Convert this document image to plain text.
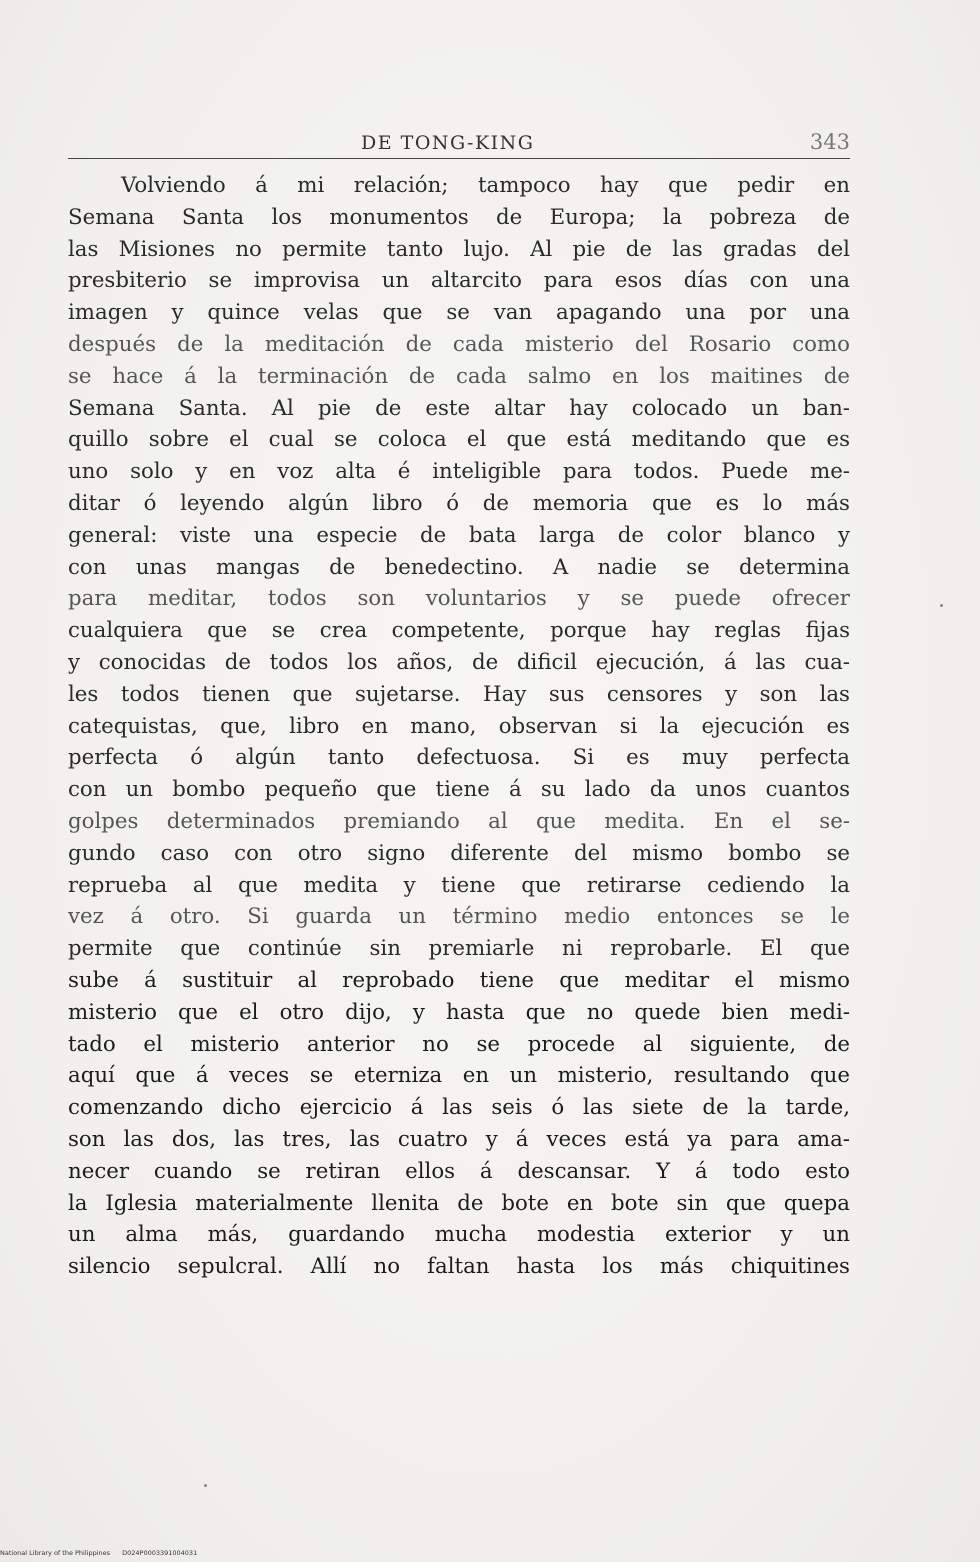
DE TONG-KING	343
Volviendo á mi relación; tampoco hay que pedir en
Semana Santa los monumentos de Europa; la pobreza de
las Misiones no permite tanto lujo. Al pie de las gradas del
presbiterio se improvisa un altarcito para esos días con una
imagen y quince velas que se van apagando una por una
después de la meditación de cada misterio del Rosario como
se hace á la terminación de cada salmo en los maitines de
Semana Santa. Al pie de este altar hay colocado un ban-
quillo sobre el cual se coloca el que está meditando que es
uno solo y en voz alta é inteligible para todos. Puede me-
ditar ó leyendo algún libro ó de memoria que es lo más
general: viste una especie de bata larga de color blanco y
con unas mangas de benedectino. A nadie se determina
para meditar, todos son voluntarios y se puede ofrecer
cualquiera que se crea competente, porque hay reglas fijas
y conocidas de todos los años, de dificil ejecución, á las cua-
les todos tienen que sujetarse. Hay sus censores y son las
catequistas, que, libro en mano, observan si la ejecución es
perfecta ó algún tanto defectuosa. Si es muy perfecta
con un bombo pequeño que tiene á su lado da unos cuantos
golpes determinados premiando al que medita. En el se-
gundo caso con otro signo diferente del mismo bombo se
reprueba al que medita y tiene que retirarse cediendo la
vez á otro. Si guarda un término medio entonces se le
permite que continúe sin premiarle ni reprobarle. El que
sube á sustituir al reprobado tiene que meditar el mismo
misterio que el otro dijo, y hasta que no quede bien medi-
tado el misterio anterior no se procede al siguiente, de
aquí que á veces se eterniza en un misterio, resultando que
comenzando dicho ejercicio á las seis ó las siete de la tarde,
son las dos, las tres, las cuatro y á veces está ya para ama-
necer cuando se retiran ellos á descansar. Y á todo esto
la Iglesia materialmente llenita de bote en bote sin que quepa
un alma más, guardando mucha modestia exterior y un
silencio sepulcral. Allí no faltan hasta los más chiquitines
National Library of the Philippines D024P0003391004031
